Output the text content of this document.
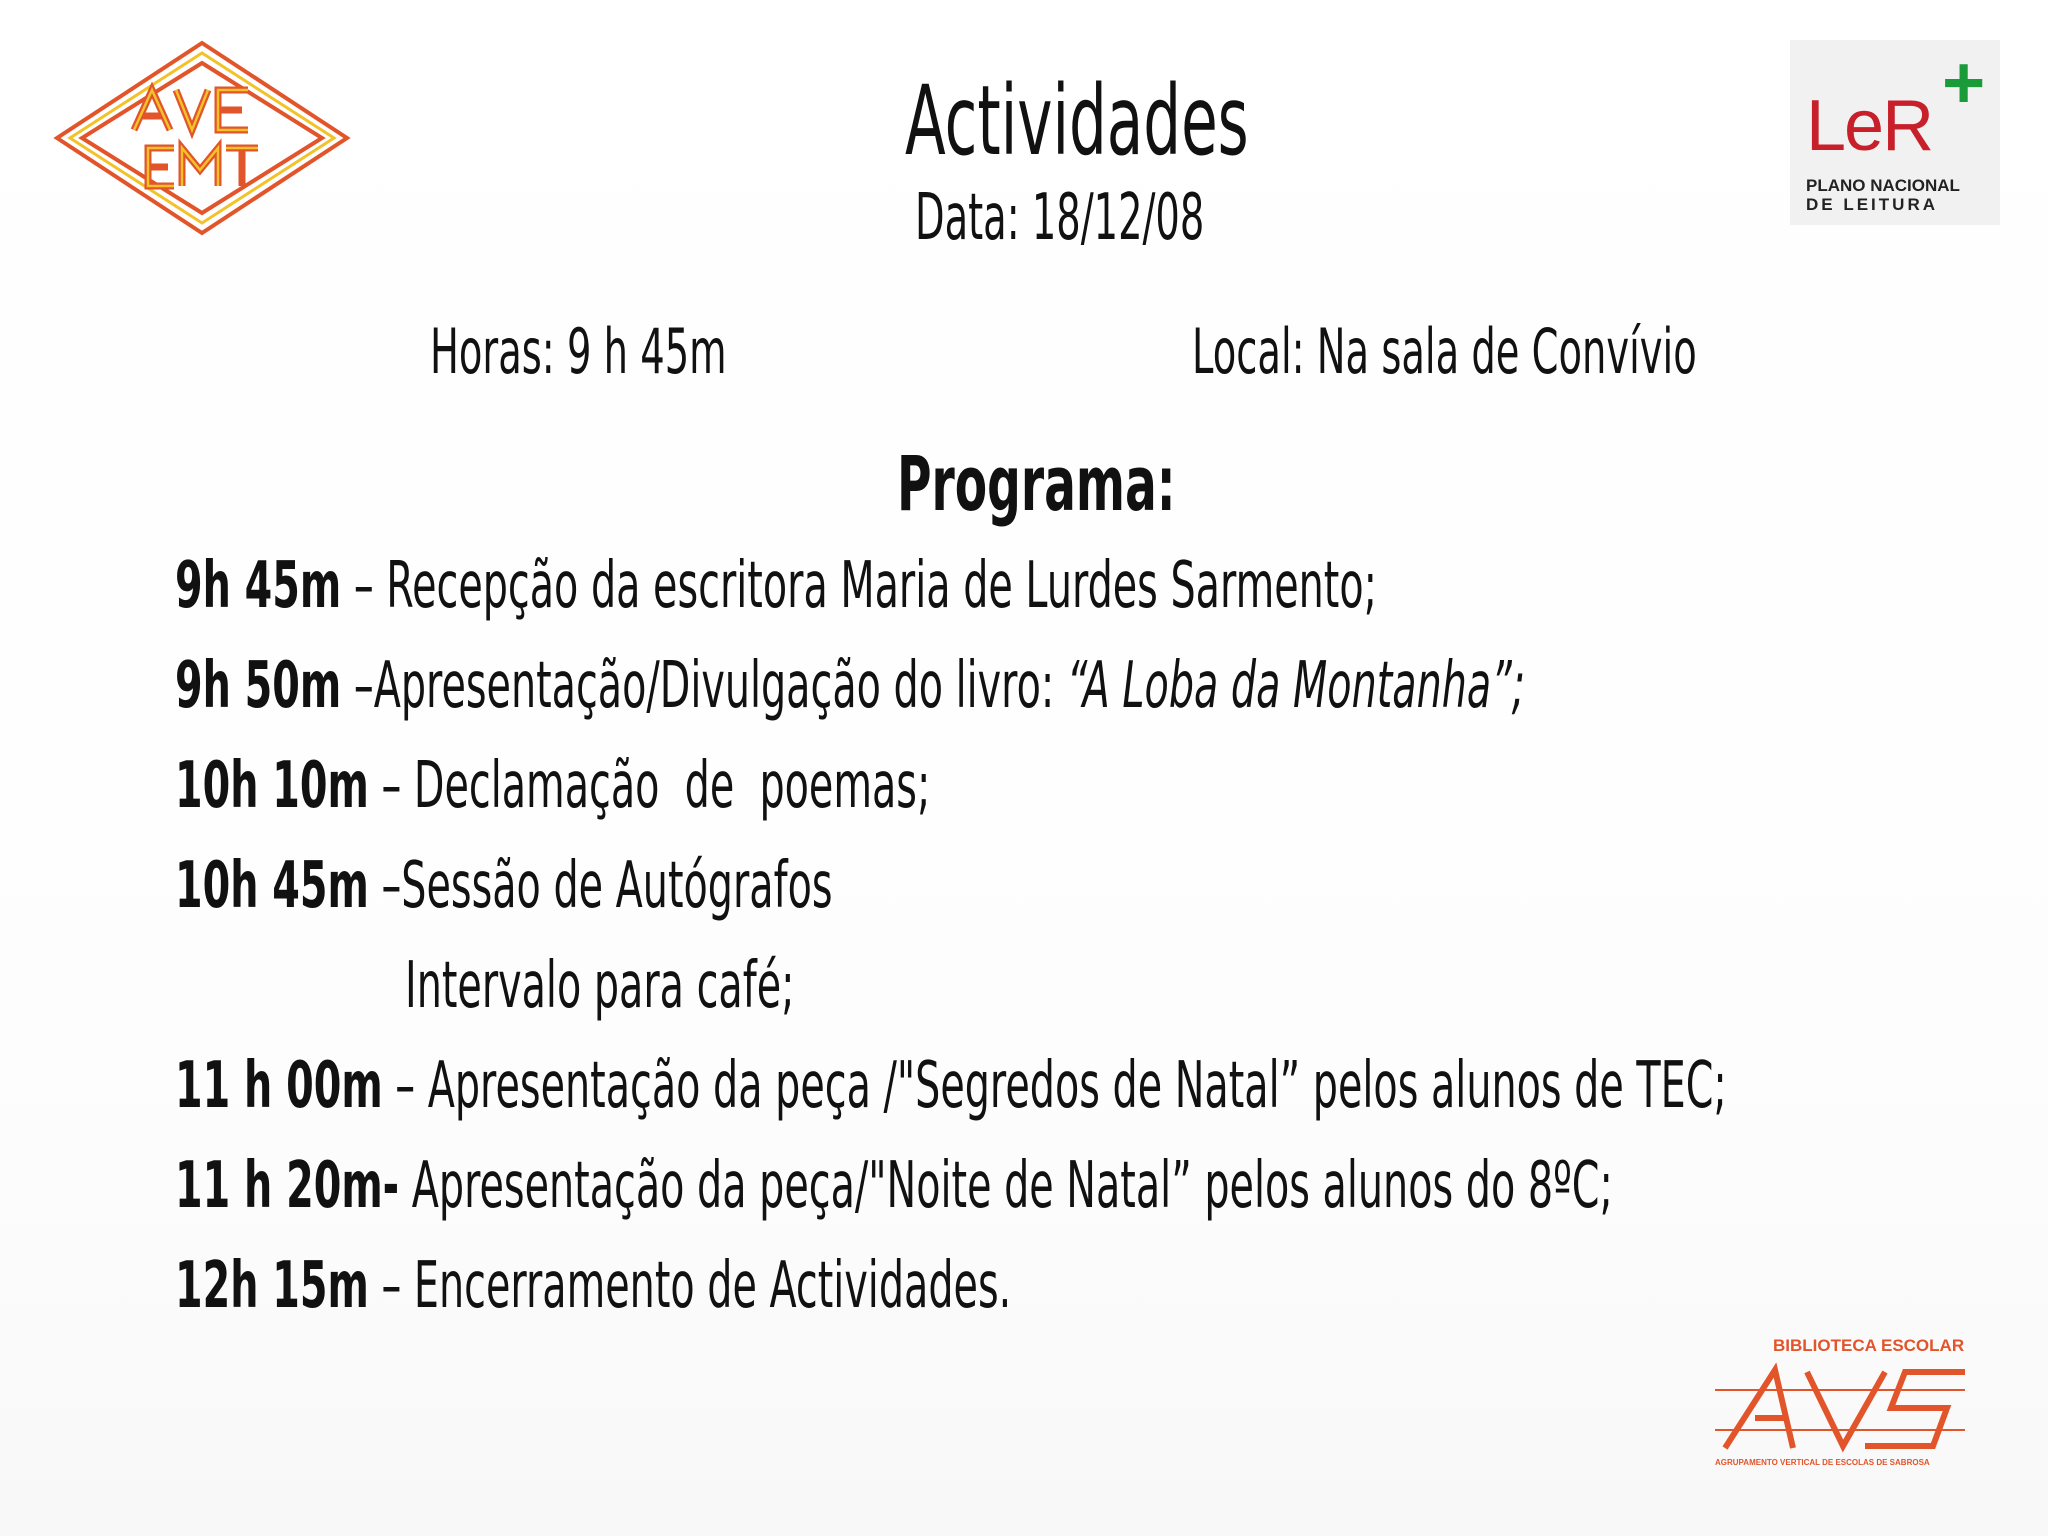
LeR
+
PLANO NACIONAL
DE LEITURA
Actividades
Data: 18/12/08
Horas: 9 h 45m	Local: Na sala de Convívio
Programa:
9h 45m – Recepção da escritora Maria de Lurdes Sarmento;
9h 50m –Apresentação/Divulgação do livro: “A Loba da Montanha”;
10h 10m – Declamação  de  poemas;
10h 45m –Sessão de Autógrafos
Intervalo para café;
11 h 00m – Apresentação da peça /"Segredos de Natal” pelos alunos de TEC;
11 h 20m- Apresentação da peça/"Noite de Natal” pelos alunos do 8ºC;
12h 15m – Encerramento de Actividades.
BIBLIOTECA ESCOLAR
AGRUPAMENTO VERTICAL DE ESCOLAS DE SABROSA
